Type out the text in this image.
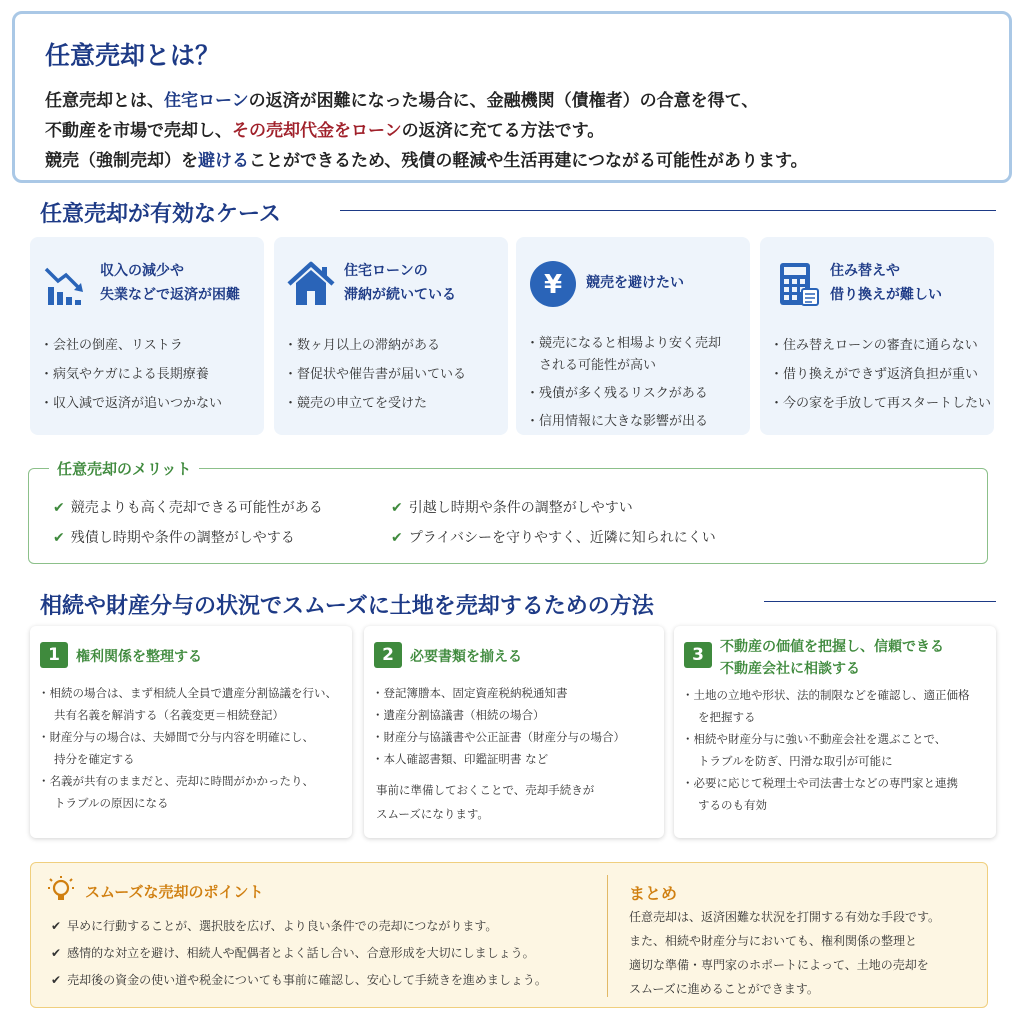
任意売却とは？

任意売却とは、住宅ローンの返済が困難になった場合に、金融機関（債権者）の合意を得て、

不動産を市場で売却し、その売却代金をローンの返済に充てる方法です。

競売（強制売却）を避けることができるため、残債の軽減や生活再建につながる可能性があります。

任意売却が有効なケース
収入の減少や
失業などで返済が困難
・ 会社の倒産、リストラ
・ 病気やケガによる長期療養
・ 収入減で返済が追いつかない
住宅ローンの
滞納が続いている
・ 数ヶ月以上の滞納がある
・ 督促状や催告書が届いている
・ 競売の申立てを受けた
¥ 競売を避けたい
・ 競売になると相場より安く売却
　される可能性が高い
・ 残債が多く残るリスクがある
・ 信用情報に大きな影響が出る
住み替えや
借り換えが難しい
・ 住み替えローンの審査に通らない
・ 借り換えができず返済負担が重い
・ 今の家を手放して再スタートしたい
任意売却のメリット
✔ 競売よりも高く売却できる可能性がある	✔ 引越し時期や条件の調整がしやすい
✔ 残債し時期や条件の調整がしやする	✔ プライバシーを守りやすく、近隣に知られにくい
相続や財産分与の状況でスムーズに土地を売却するための方法
1	権利関係を整理する
・ 相続の場合は、まず相続人全員で遺産分割協議を行い、
共有名義を解消する（名義変更＝相続登記）
・ 財産分与の場合は、夫婦間で分与内容を明確にし、
持分を確定する
・ 名義が共有のままだと、売却に時間がかかったり、
トラブルの原因になる
2	必要書類を揃える
・ 登記簿謄本、固定資産税納税通知書
・ 遺産分割協議書（相続の場合）
・ 財産分与協議書や公正証書（財産分与の場合）
・ 本人確認書類、印鑑証明書 など
事前に準備しておくことで、売却手続きが
スムーズになります。
3	不動産の価値を把握し、信頼できる
不動産会社に相談する
・ 土地の立地や形状、法的制限などを確認し、適正価格
を把握する
・ 相続や財産分与に強い不動産会社を選ぶことで、
トラブルを防ぎ、円滑な取引が可能に
・ 必要に応じて税理士や司法書士などの専門家と連携
するのも有効
スムーズな売却のポイント
✔ 早めに行動することが、選択肢を広げ、より良い条件での売却につながります。
✔ 感情的な対立を避け、相続人や配偶者とよく話し合い、合意形成を大切にしましょう。
✔ 売却後の資金の使い道や税金についても事前に確認し、安心して手続きを進めましょう。
まとめ
任意売却は、返済困難な状況を打開する有効な手段です。
また、相続や財産分与においても、権利関係の整理と
適切な準備・専門家のホポートによって、土地の売却を
スムーズに進めることができます。
